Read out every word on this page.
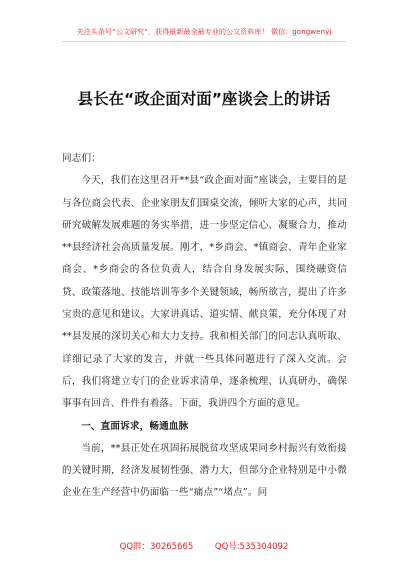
关注头条号“公文研究”，获得最新最全最专业的公文资料库！ 微信：gongwenyj
县长在“政企面对面”座谈会上的讲话

同志们：

今天，我们在这里召开**县“政企面对面”座谈会，主要目的是与各位商会代表、企业家朋友们围桌交流，倾听大家的心声，共同研究破解发展难题的务实举措，进一步坚定信心、凝聚合力，推动**县经济社会高质量发展。刚才，*乡商会、*镇商会、青年企业家商会、*乡商会的各位负责人，结合自身发展实际，围绕融资信贷、政策落地、技能培训等多个关键领域，畅所欲言，提出了许多宝贵的意见和建议。大家讲真话、道实情、献良策，充分体现了对**县发展的深切关心和大力支持。我和相关部门的同志认真听取、详细记录了大家的发言，并就一些具体问题进行了深入交流。会后，我们将建立专门的企业诉求清单，逐条梳理、认真研办，确保事事有回音、件件有着落。下面，我讲四个方面的意见。

一、直面诉求，畅通血脉

当前，**县正处在巩固拓展脱贫攻坚成果同乡村振兴有效衔接的关键时期，经济发展韧性强、潜力大，但部分企业特别是中小微企业在生产经营中仍面临一些“痛点”“堵点”。问

QQ群：30265665        QQ号:535304092
